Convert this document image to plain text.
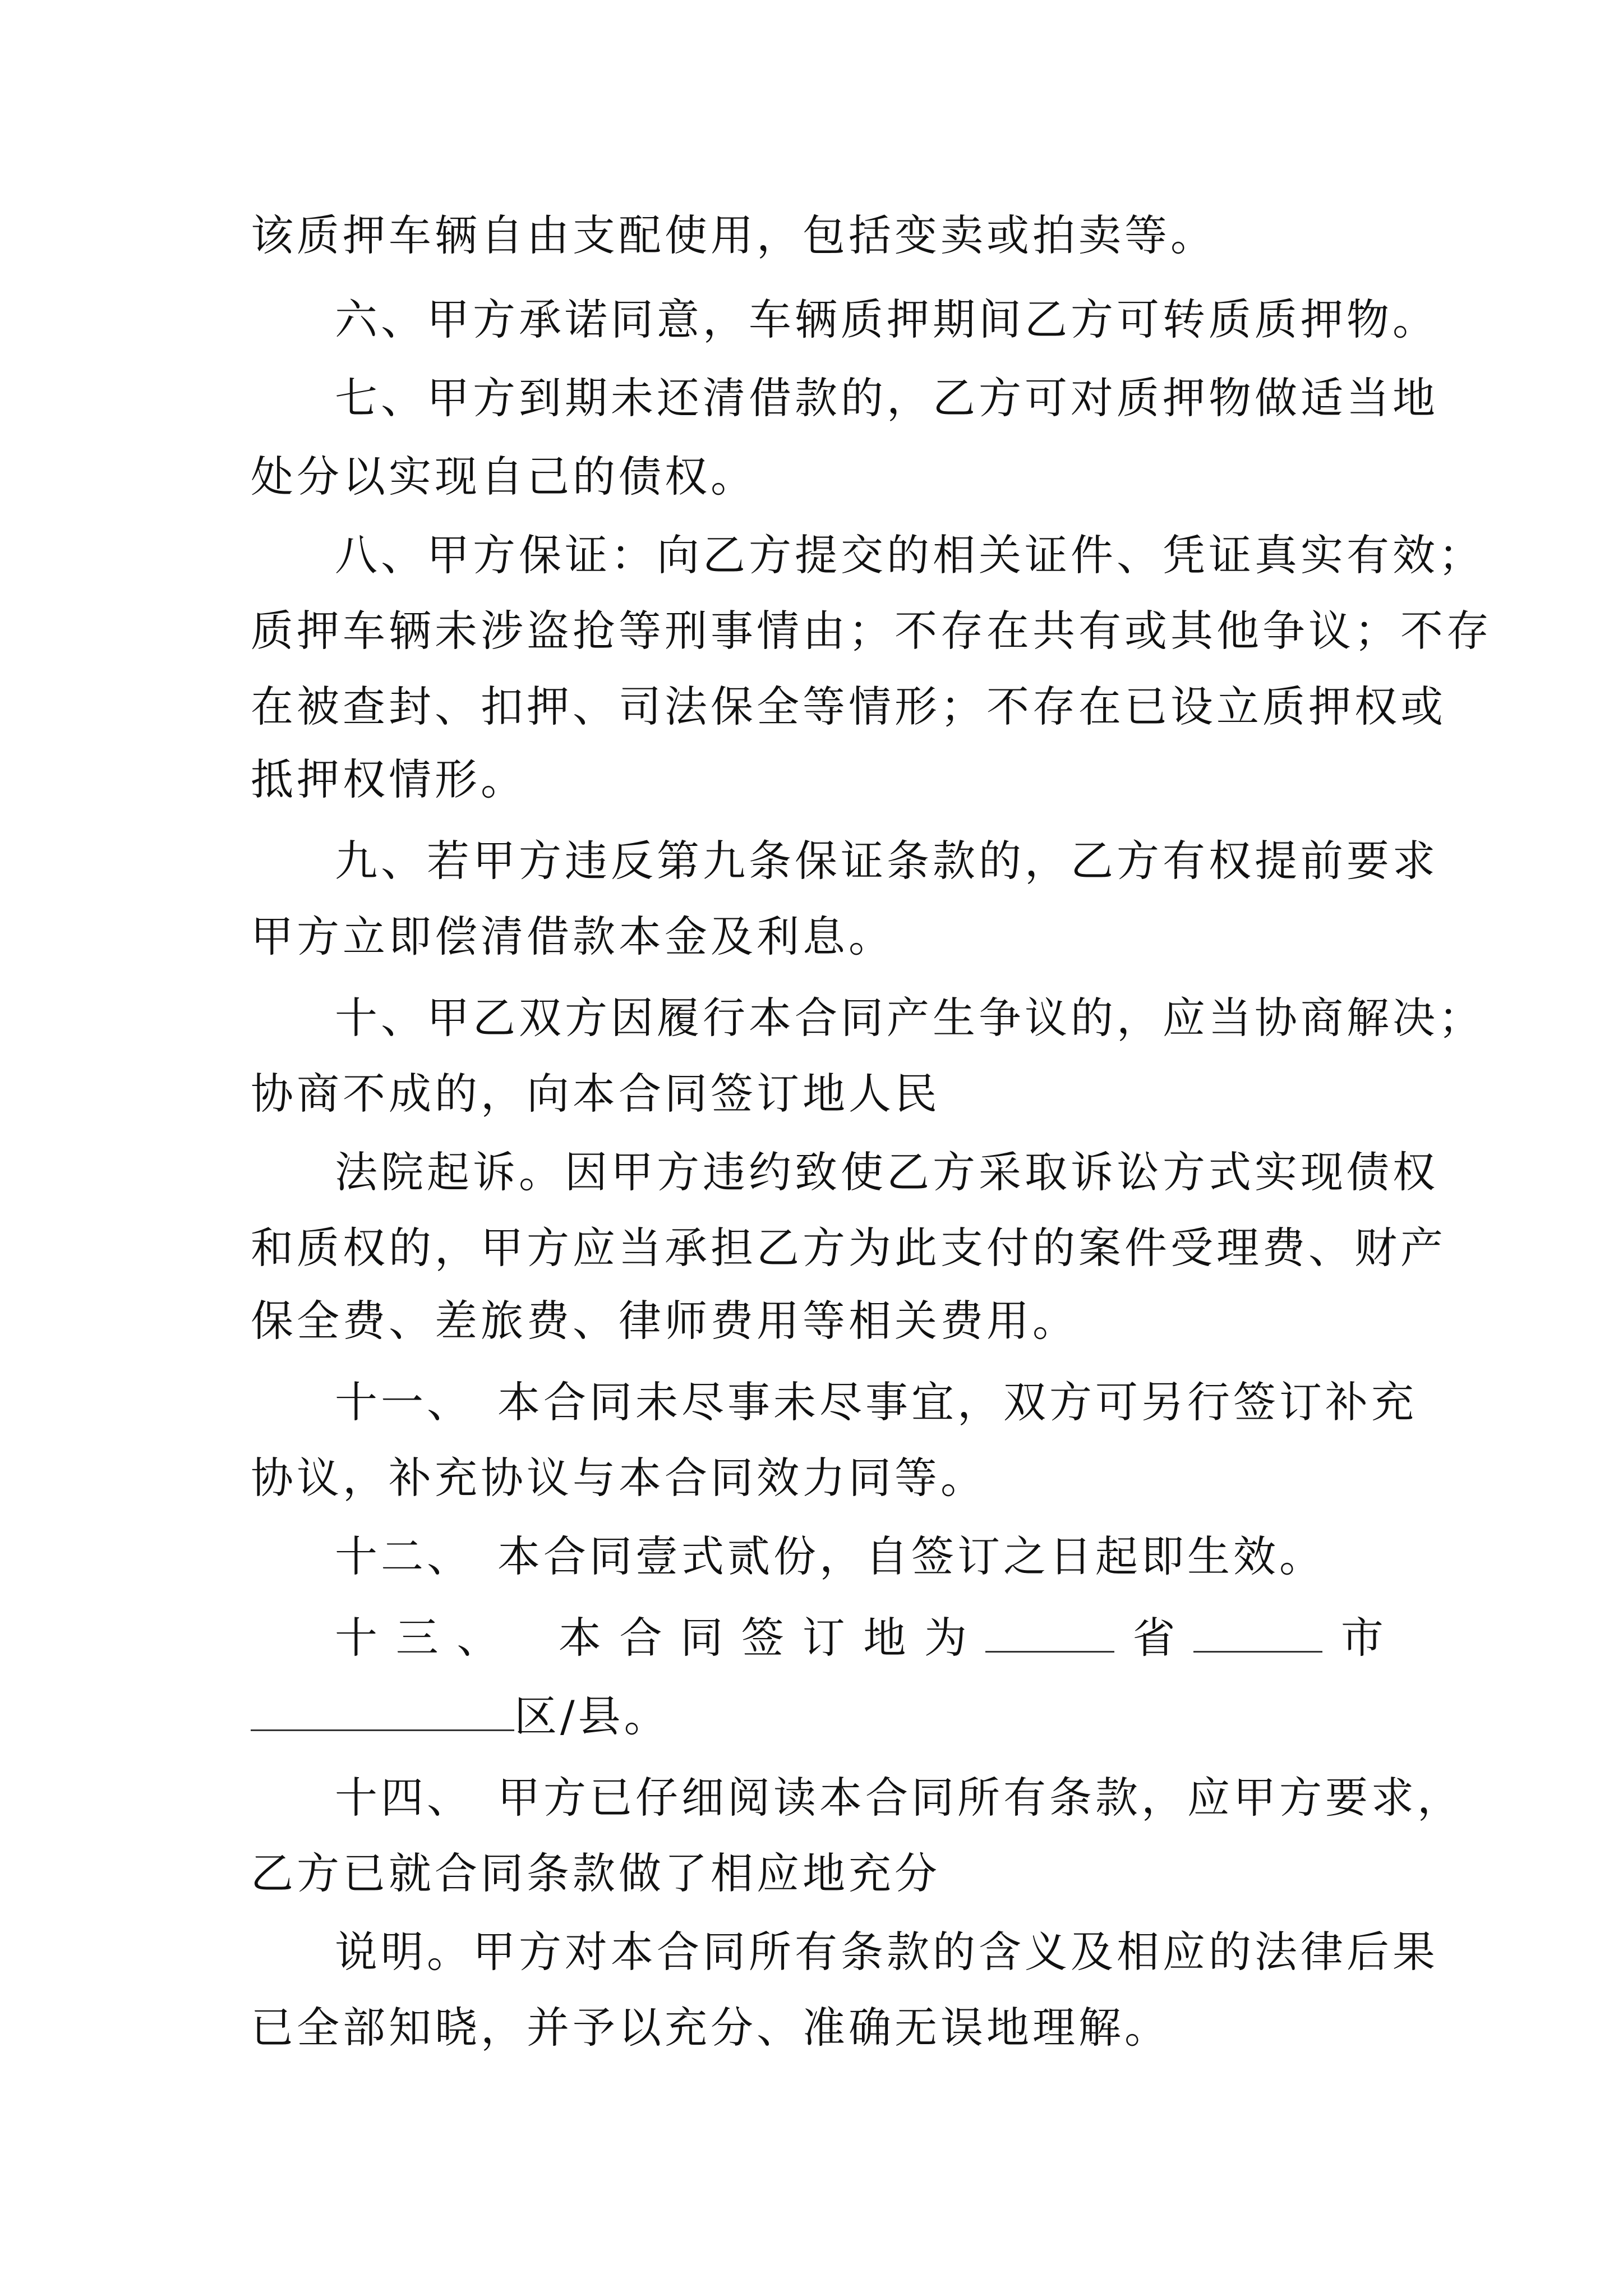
该质押车辆自由支配使用，包括变卖或拍卖等。
六、甲方承诺同意，车辆质押期间乙方可转质质押物。
七、甲方到期未还清借款的，乙方可对质押物做适当地
处分以实现自己的债权。
八、甲方保证：向乙方提交的相关证件、凭证真实有效；
质押车辆未涉盗抢等刑事情由；不存在共有或其他争议；不存
在被查封、扣押、司法保全等情形；不存在已设立质押权或
抵押权情形。
九、若甲方违反第九条保证条款的，乙方有权提前要求
甲方立即偿清借款本金及利息。
十、甲乙双方因履行本合同产生争议的，应当协商解决；
协商不成的，向本合同签订地人民
法院起诉。因甲方违约致使乙方采取诉讼方式实现债权
和质权的，甲方应当承担乙方为此支付的案件受理费、财产
保全费、差旅费、律师费用等相关费用。
十一、　本合同未尽事未尽事宜，双方可另行签订补充
协议，补充协议与本合同效力同等。
十二、　本合同壹式贰份，自签订之日起即生效。
十 三 、 本 合 同 签 订 地 为	省	市
区/县。
十四、　甲方已仔细阅读本合同所有条款，应甲方要求，
乙方已就合同条款做了相应地充分
说明。甲方对本合同所有条款的含义及相应的法律后果
已全部知晓，并予以充分、准确无误地理解。
